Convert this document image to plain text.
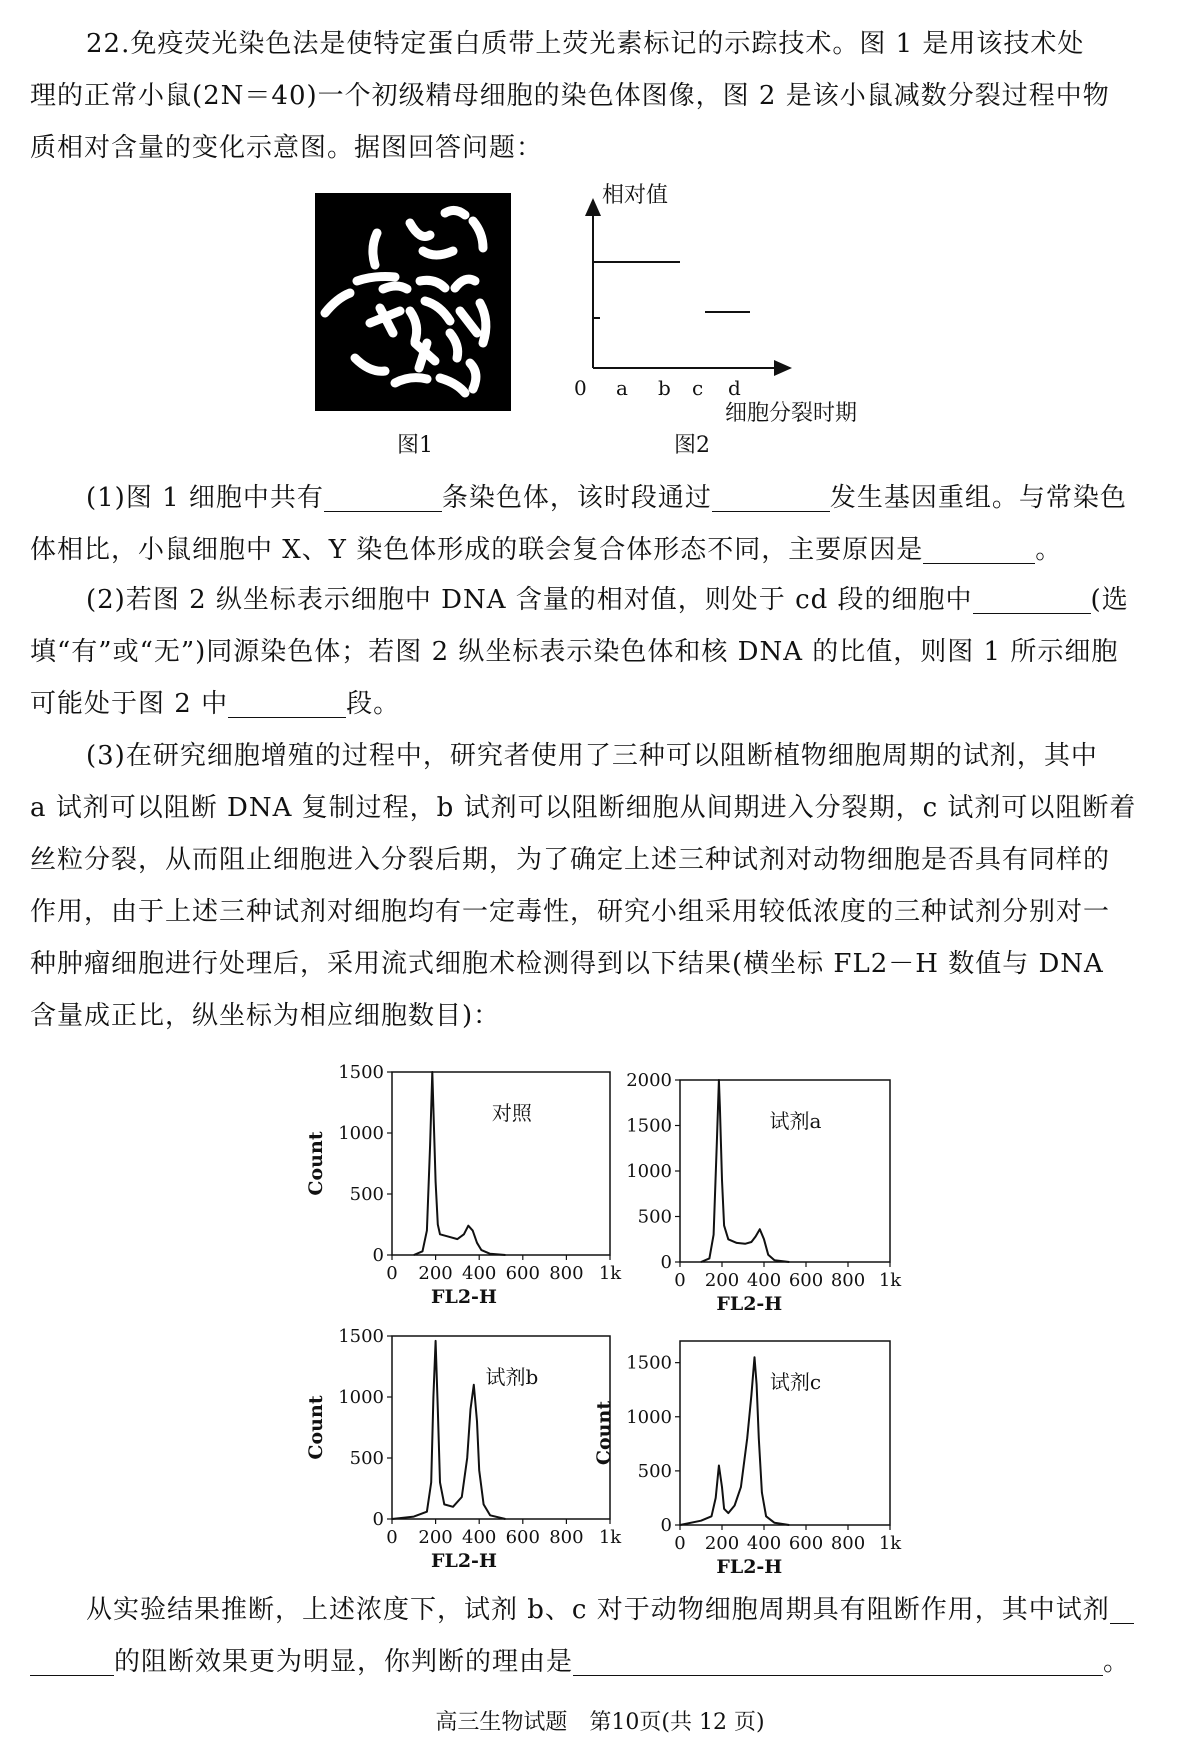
22.免疫荧光染色法是使特定蛋白质带上荧光素标记的示踪技术。图 1 是用该技术处
理的正常小鼠(2N＝40)一个初级精母细胞的染色体图像，图 2 是该小鼠减数分裂过程中物
质相对含量的变化示意图。据图回答问题：
图1
相对值
0 a b c d
细胞分裂时期
图2
(1)图 1 细胞中共有	条染色体，该时段通过	发生基因重组。与常染色
体相比，小鼠细胞中 X、Y 染色体形成的联会复合体形态不同，主要原因是	。
(2)若图 2 纵坐标表示细胞中 DNA 含量的相对值，则处于 cd 段的细胞中	(选
填“有”或“无”)同源染色体；若图 2 纵坐标表示染色体和核 DNA 的比值，则图 1 所示细胞
可能处于图 2 中	段。
(3)在研究细胞增殖的过程中，研究者使用了三种可以阻断植物细胞周期的试剂，其中
a 试剂可以阻断 DNA 复制过程，b 试剂可以阻断细胞从间期进入分裂期，c 试剂可以阻断着
丝粒分裂，从而阻止细胞进入分裂后期，为了确定上述三种试剂对动物细胞是否具有同样的
作用，由于上述三种试剂对细胞均有一定毒性，研究小组采用较低浓度的三种试剂分别对一
种肿瘤细胞进行处理后，采用流式细胞术检测得到以下结果(横坐标 FL2－H 数值与 DNA
含量成正比，纵坐标为相应细胞数目)：
0 200 400 600 800 1k
0
500
1000
1500
FL2-H
Count
对照
0 200 400 600 800 1k
0
500
1000
1500
2000
FL2-H
试剂a
0 200 400 600 800 1k
0
500
1000
1500
FL2-H
Count
试剂b
0 200 400 600 800 1k
0
500
1000
1500
FL2-H
Count
试剂c
从实验结果推断，上述浓度下，试剂 b、c 对于动物细胞周期具有阻断作用，其中试剂
的阻断效果更为明显，你判断的理由是	。
高三生物试题　第10页(共 12 页)
